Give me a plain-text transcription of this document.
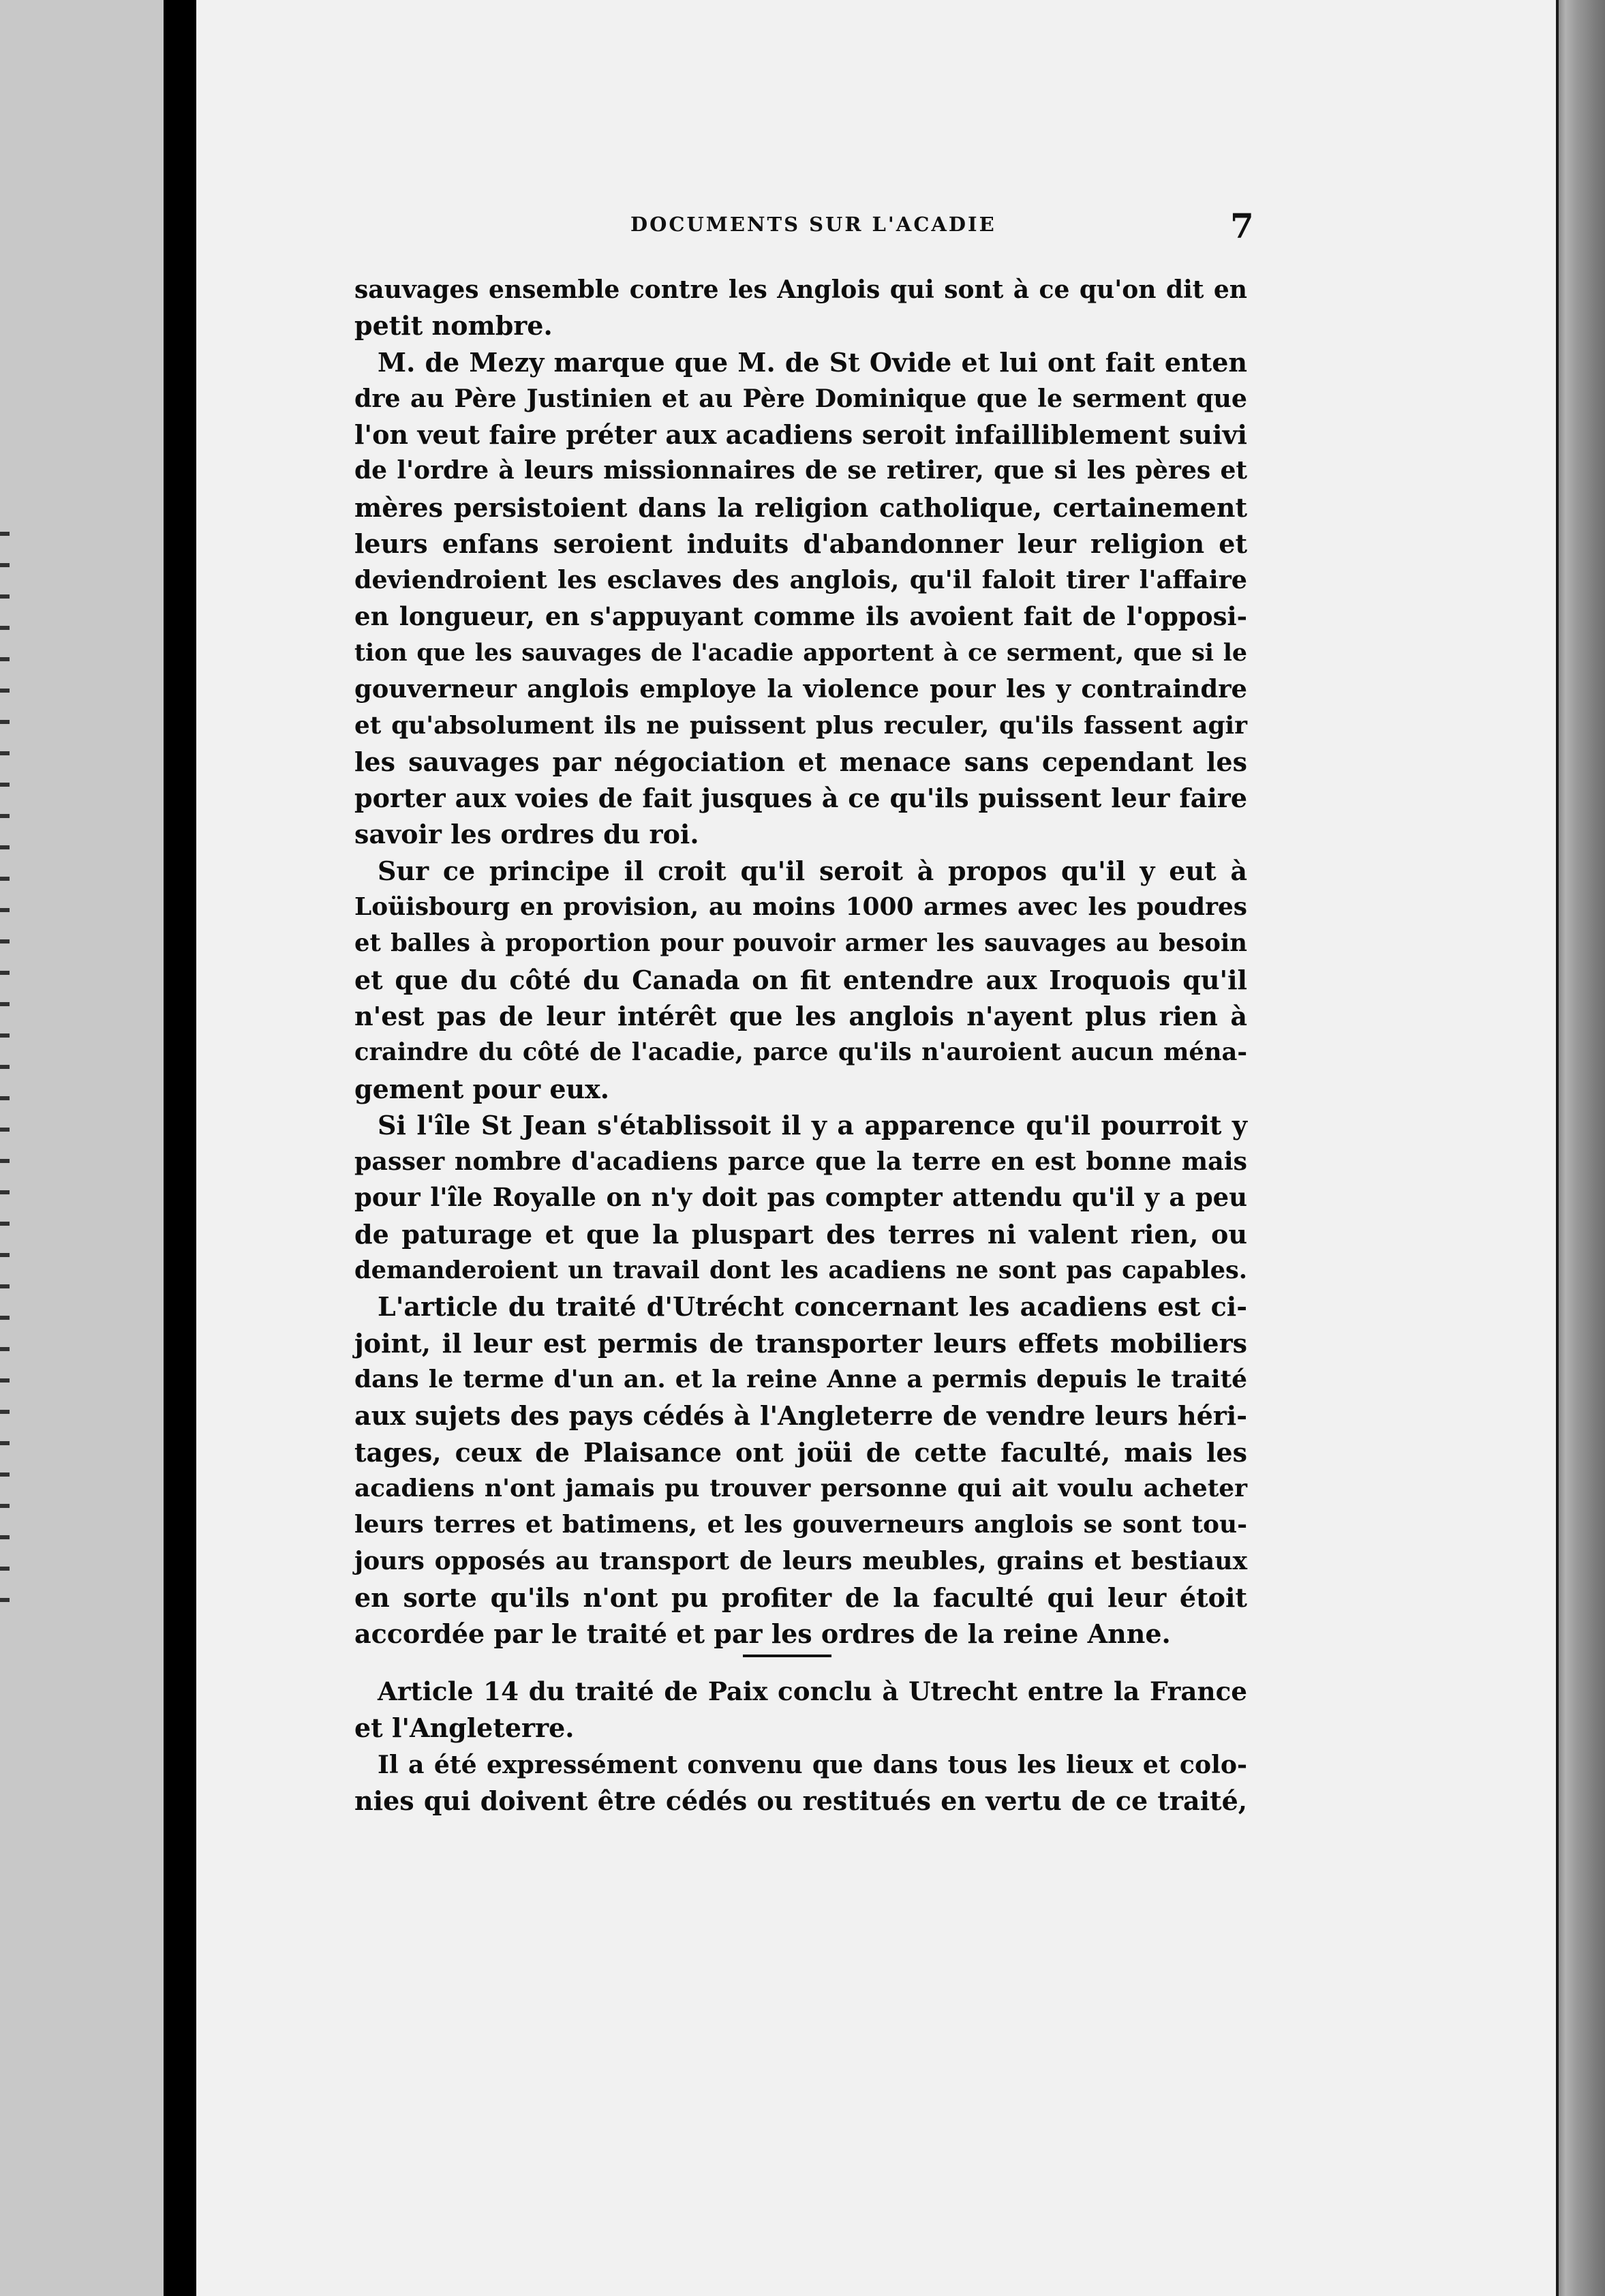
DOCUMENTS SUR L'ACADIE	7
sauvages ensemble contre les Anglois qui sont à ce qu'on dit en
petit nombre.
M. de Mezy marque que M. de St Ovide et lui ont fait enten
dre au Père Justinien et au Père Dominique que le serment que
l'on veut faire préter aux acadiens seroit infailliblement suivi
de l'ordre à leurs missionnaires de se retirer, que si les pères et
mères persistoient dans la religion catholique, certainement
leurs enfans seroient induits d'abandonner leur religion et
deviendroient les esclaves des anglois, qu'il faloit tirer l'affaire
en longueur, en s'appuyant comme ils avoient fait de l'opposi-
tion que les sauvages de l'acadie apportent à ce serment, que si le
gouverneur anglois employe la violence pour les y contraindre
et qu'absolument ils ne puissent plus reculer, qu'ils fassent agir
les sauvages par négociation et menace sans cependant les
porter aux voies de fait jusques à ce qu'ils puissent leur faire
savoir les ordres du roi.
Sur ce principe il croit qu'il seroit à propos qu'il y eut à
Loüisbourg en provision, au moins 1000 armes avec les poudres
et balles à proportion pour pouvoir armer les sauvages au besoin
et que du côté du Canada on fit entendre aux Iroquois qu'il
n'est pas de leur intérêt que les anglois n'ayent plus rien à
craindre du côté de l'acadie, parce qu'ils n'auroient aucun ména-
gement pour eux.
Si l'île St Jean s'établissoit il y a apparence qu'il pourroit y
passer nombre d'acadiens parce que la terre en est bonne mais
pour l'île Royalle on n'y doit pas compter attendu qu'il y a peu
de paturage et que la pluspart des terres ni valent rien, ou
demanderoient un travail dont les acadiens ne sont pas capables.
L'article du traité d'Utrécht concernant les acadiens est ci-
joint, il leur est permis de transporter leurs effets mobiliers
dans le terme d'un an. et la reine Anne a permis depuis le traité
aux sujets des pays cédés à l'Angleterre de vendre leurs héri-
tages, ceux de Plaisance ont joüi de cette faculté, mais les
acadiens n'ont jamais pu trouver personne qui ait voulu acheter
leurs terres et batimens, et les gouverneurs anglois se sont tou-
jours opposés au transport de leurs meubles, grains et bestiaux
en sorte qu'ils n'ont pu profiter de la faculté qui leur étoit
accordée par le traité et par les ordres de la reine Anne.
Article 14 du traité de Paix conclu à Utrecht entre la France
et l'Angleterre.
Il a été expressément convenu que dans tous les lieux et colo-
nies qui doivent être cédés ou restitués en vertu de ce traité,
